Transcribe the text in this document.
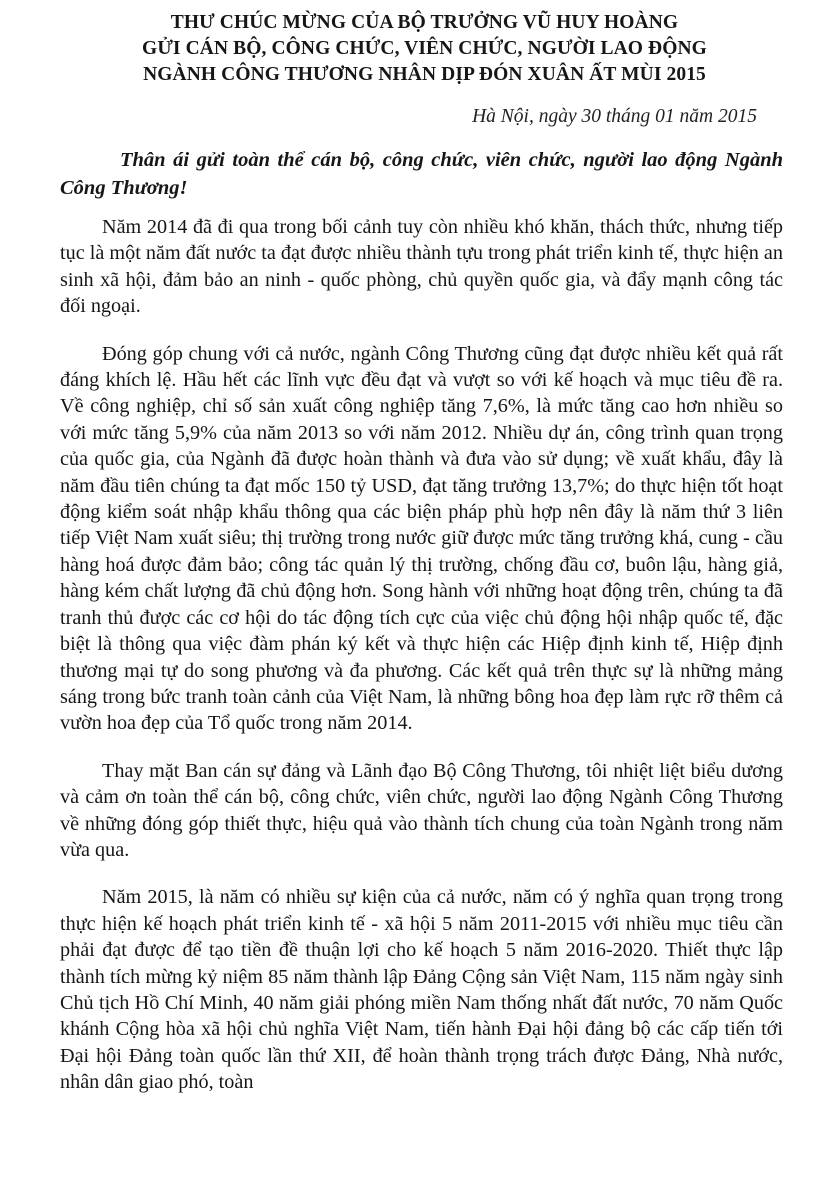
THƯ CHÚC MỪNG CỦA BỘ TRƯỞNG VŨ HUY HOÀNG
GỬI CÁN BỘ, CÔNG CHỨC, VIÊN CHỨC, NGƯỜI LAO ĐỘNG
NGÀNH CÔNG THƯƠNG NHÂN DỊP ĐÓN XUÂN ẤT MÙI 2015
Hà Nội, ngày 30 tháng 01 năm 2015
Thân ái gửi toàn thể cán bộ, công chức, viên chức, người lao động Ngành Công Thương!

Năm 2014 đã đi qua trong bối cảnh tuy còn nhiều khó khăn, thách thức, nhưng tiếp tục là một năm đất nước ta đạt được nhiều thành tựu trong phát triển kinh tế, thực hiện an sinh xã hội, đảm bảo an ninh - quốc phòng, chủ quyền quốc gia, và đẩy mạnh công tác đối ngoại.

Đóng góp chung với cả nước, ngành Công Thương cũng đạt được nhiều kết quả rất đáng khích lệ. Hầu hết các lĩnh vực đều đạt và vượt so với kế hoạch và mục tiêu đề ra. Về công nghiệp, chỉ số sản xuất công nghiệp tăng 7,6%, là mức tăng cao hơn nhiều so với mức tăng 5,9% của năm 2013 so với năm 2012. Nhiều dự án, công trình quan trọng của quốc gia, của Ngành đã được hoàn thành và đưa vào sử dụng; về xuất khẩu, đây là năm đầu tiên chúng ta đạt mốc 150 tỷ USD, đạt tăng trưởng 13,7%; do thực hiện tốt hoạt động kiểm soát nhập khẩu thông qua các biện pháp phù hợp nên đây là năm thứ 3 liên tiếp Việt Nam xuất siêu; thị trường trong nước giữ được mức tăng trưởng khá, cung - cầu hàng hoá được đảm bảo; công tác quản lý thị trường, chống đầu cơ, buôn lậu, hàng giả, hàng kém chất lượng đã chủ động hơn. Song hành với những hoạt động trên, chúng ta đã tranh thủ được các cơ hội do tác động tích cực của việc chủ động hội nhập quốc tế, đặc biệt là thông qua việc đàm phán ký kết và thực hiện các Hiệp định kinh tế, Hiệp định thương mại tự do song phương và đa phương. Các kết quả trên thực sự là những mảng sáng trong bức tranh toàn cảnh của Việt Nam, là những bông hoa đẹp làm rực rỡ thêm cả vườn hoa đẹp của Tổ quốc trong năm 2014.

Thay mặt Ban cán sự đảng và Lãnh đạo Bộ Công Thương, tôi nhiệt liệt biểu dương và cảm ơn toàn thể cán bộ, công chức, viên chức, người lao động Ngành Công Thương về những đóng góp thiết thực, hiệu quả vào thành tích chung của toàn Ngành trong năm vừa qua.

Năm 2015, là năm có nhiều sự kiện của cả nước, năm có ý nghĩa quan trọng trong thực hiện kế hoạch phát triển kinh tế - xã hội 5 năm 2011-2015 với nhiều mục tiêu cần phải đạt được để tạo tiền đề thuận lợi cho kế hoạch 5 năm 2016-2020. Thiết thực lập thành tích mừng kỷ niệm 85 năm thành lập Đảng Cộng sản Việt Nam, 115 năm ngày sinh Chủ tịch Hồ Chí Minh, 40 năm giải phóng miền Nam thống nhất đất nước, 70 năm Quốc khánh Cộng hòa xã hội chủ nghĩa Việt Nam, tiến hành Đại hội đảng bộ các cấp tiến tới Đại hội Đảng toàn quốc lần thứ XII, để hoàn thành trọng trách được Đảng, Nhà nước, nhân dân giao phó, toàn
